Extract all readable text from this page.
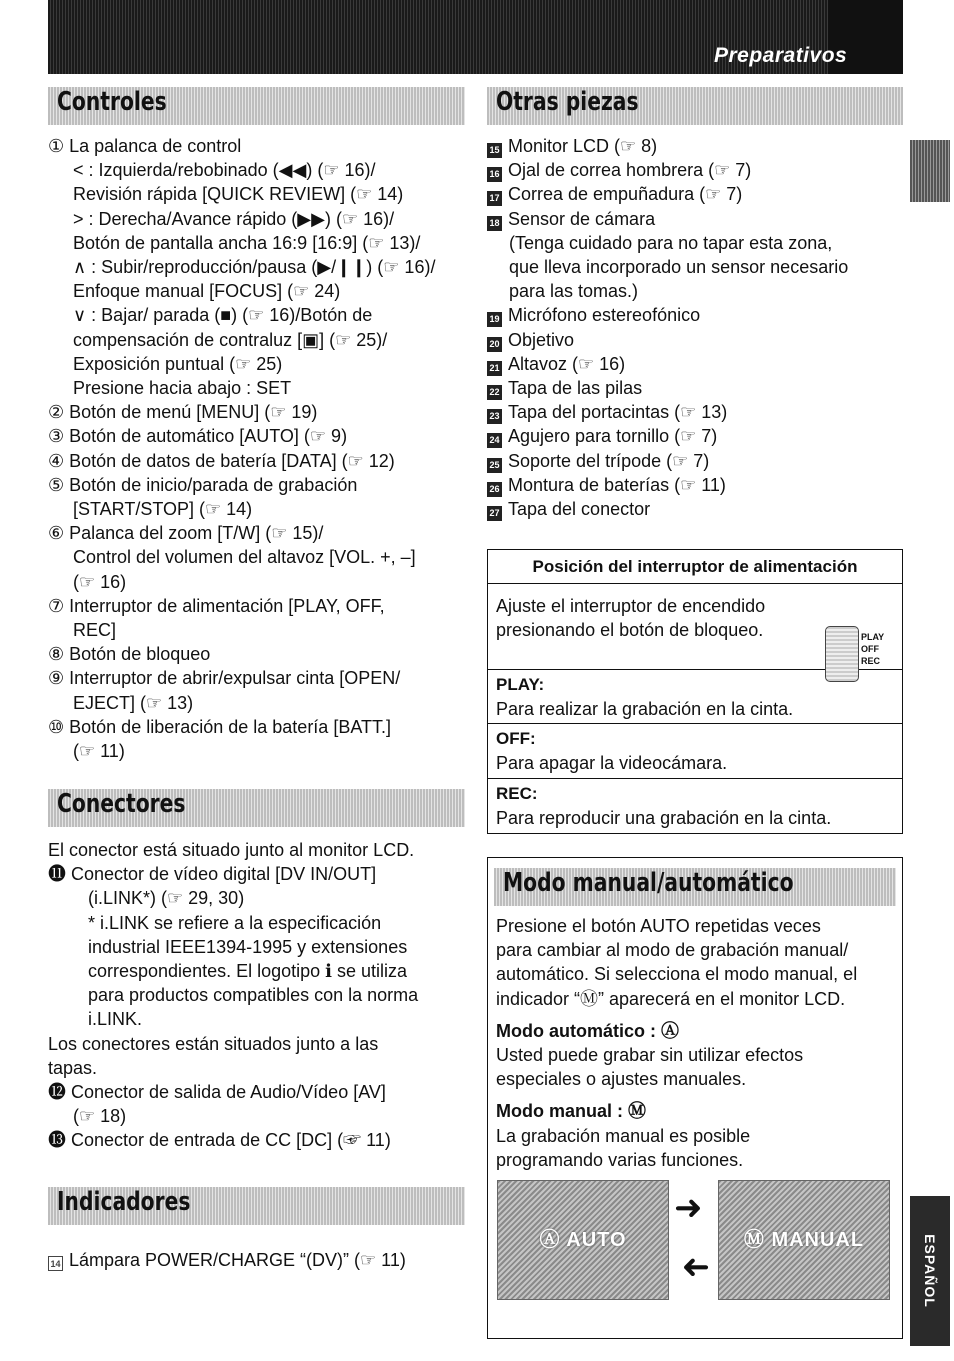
Preparativos	ES 9
ESPAÑOL
Controles
① La palanca de control
< : Izquierda/rebobinado (◀◀) (☞ 16)/
Revisión rápida [QUICK REVIEW] (☞ 14)
> : Derecha/Avance rápido (▶▶) (☞ 16)/
Botón de pantalla ancha 16:9 [16:9] (☞ 13)/
∧ : Subir/reproducción/pausa (▶/❙❙) (☞ 16)/
Enfoque manual [FOCUS] (☞ 24)
∨ : Bajar/ parada (■) (☞ 16)/Botón de
compensación de contraluz [▣] (☞ 25)/
Exposición puntual (☞ 25)
Presione hacia abajo : SET
② Botón de menú [MENU] (☞ 19)
③ Botón de automático [AUTO] (☞ 9)
④ Botón de datos de batería [DATA] (☞ 12)
⑤ Botón de inicio/parada de grabación
[START/STOP] (☞ 14)
⑥ Palanca del zoom [T/W] (☞ 15)/
Control del volumen del altavoz [VOL. +, –]
(☞ 16)
⑦ Interruptor de alimentación [PLAY, OFF,
REC]
⑧ Botón de bloqueo
⑨ Interruptor de abrir/expulsar cinta [OPEN/
EJECT] (☞ 13)
⑩ Botón de liberación de la batería [BATT.]
(☞ 11)
Otras piezas
15 Monitor LCD (☞ 8)
16 Ojal de correa hombrera (☞ 7)
17 Correa de empuñadura (☞ 7)
18 Sensor de cámara
(Tenga cuidado para no tapar esta zona,
que lleva incorporado un sensor necesario
para las tomas.)
19 Micrófono estereofónico
20 Objetivo
21 Altavoz (☞ 16)
22 Tapa de las pilas
23 Tapa del portacintas (☞ 13)
24 Agujero para tornillo (☞ 7)
25 Soporte del trípode (☞ 7)
26 Montura de baterías (☞ 11)
27 Tapa del conector
Posición del interruptor de alimentación
Ajuste el interruptor de encendido
presionando el botón de bloqueo.	PLAY
OFF
REC
PLAY:
Para realizar la grabación en la cinta.
OFF:
Para apagar la videocámara.
REC:
Para reproducir una grabación en la cinta.
Conectores
El conector está situado junto al monitor LCD.
⓫ Conector de vídeo digital [DV IN/OUT]
(i.LINK*) (☞ 29, 30)
* i.LINK se refiere a la especificación
industrial IEEE1394-1995 y extensiones
correspondientes. El logotipo ℹ se utiliza
para productos compatibles con la norma
i.LINK.
Los conectores están situados junto a las
tapas.
⓬ Conector de salida de Audio/Vídeo [AV]
(☞ 18)
⓭ Conector de entrada de CC [DC] (☞ 11)
Indicadores
14 Lámpara POWER/CHARGE “(DV)” (☞ 11)
Modo manual/automático
Presione el botón AUTO repetidas veces
para cambiar al modo de grabación manual/
automático. Si selecciona el modo manual, el
indicador “Ⓜ” aparecerá en el monitor LCD.
Modo automático : Ⓐ
Usted puede grabar sin utilizar efectos
especiales o ajustes manuales.
Modo manual : Ⓜ
La grabación manual es posible
programando varias funciones.
Ⓐ AUTO	Ⓜ MANUAL
➜
➜
